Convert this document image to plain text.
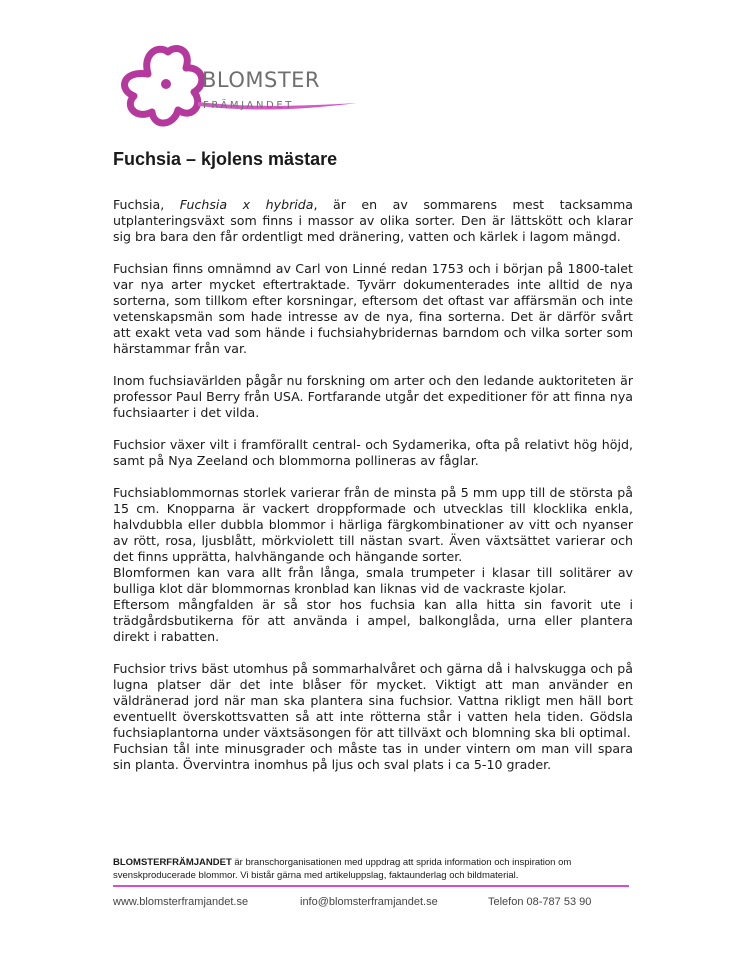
BLOMSTER
FRÄMJANDET
Fuchsia – kjolens mästare

Fuchsia, Fuchsia x hybrida, är en av sommarens mest tacksamma utplanteringsväxt som finns i massor av olika sorter. Den är lättskött och klarar sig bra bara den får ordentligt med dränering, vatten och kärlek i lagom mängd.

Fuchsian finns omnämnd av Carl von Linné redan 1753 och i början på 1800-talet var nya arter mycket eftertraktade. Tyvärr dokumenterades inte alltid de nya sorterna, som tillkom efter korsningar, eftersom det oftast var affärsmän och inte vetenskapsmän som hade intresse av de nya, fina sorterna. Det är därför svårt att exakt veta vad som hände i fuchsiahybridernas barndom och vilka sorter som härstammar från var.

Inom fuchsiavärlden pågår nu forskning om arter och den ledande auktoriteten är professor Paul Berry från USA. Fortfarande utgår det expeditioner för att finna nya fuchsiaarter i det vilda.

Fuchsior växer vilt i framförallt central- och Sydamerika, ofta på relativt hög höjd, samt på Nya Zeeland och blommorna pollineras av fåglar.

Fuchsiablommornas storlek varierar från de minsta på 5 mm upp till de största på 15 cm. Knopparna är vackert droppformade och utvecklas till klocklika enkla, halvdubbla eller dubbla blommor i härliga färgkombinationer av vitt och nyanser av rött, rosa, ljusblått, mörkviolett till nästan svart. Även växtsättet varierar och det finns upprätta, halvhängande och hängande sorter.

Blomformen kan vara allt från långa, smala trumpeter i klasar till solitärer av bulliga klot där blommornas kronblad kan liknas vid de vackraste kjolar.

Eftersom mångfalden är så stor hos fuchsia kan alla hitta sin favorit ute i trädgårdsbutikerna för att använda i ampel, balkonglåda, urna eller plantera direkt i rabatten.

Fuchsior trivs bäst utomhus på sommarhalvåret och gärna då i halvskugga och på lugna platser där det inte blåser för mycket. Viktigt att man använder en väldränerad jord när man ska plantera sina fuchsior. Vattna rikligt men häll bort eventuellt överskottsvatten så att inte rötterna står i vatten hela tiden. Gödsla fuchsiaplantorna under växtsäsongen för att tillväxt och blomning ska bli optimal.

Fuchsian tål inte minusgrader och måste tas in under vintern om man vill spara sin planta. Övervintra inomhus på ljus och sval plats i ca 5-10 grader.

BLOMSTERFRÄMJANDET är branschorganisationen med uppdrag att sprida information och inspiration om svenskproducerade blommor. Vi bistår gärna med artikeluppslag, faktaunderlag och bildmaterial.
www.blomsterframjandet.se	info@blomsterframjandet.se	Telefon 08-787 53 90
